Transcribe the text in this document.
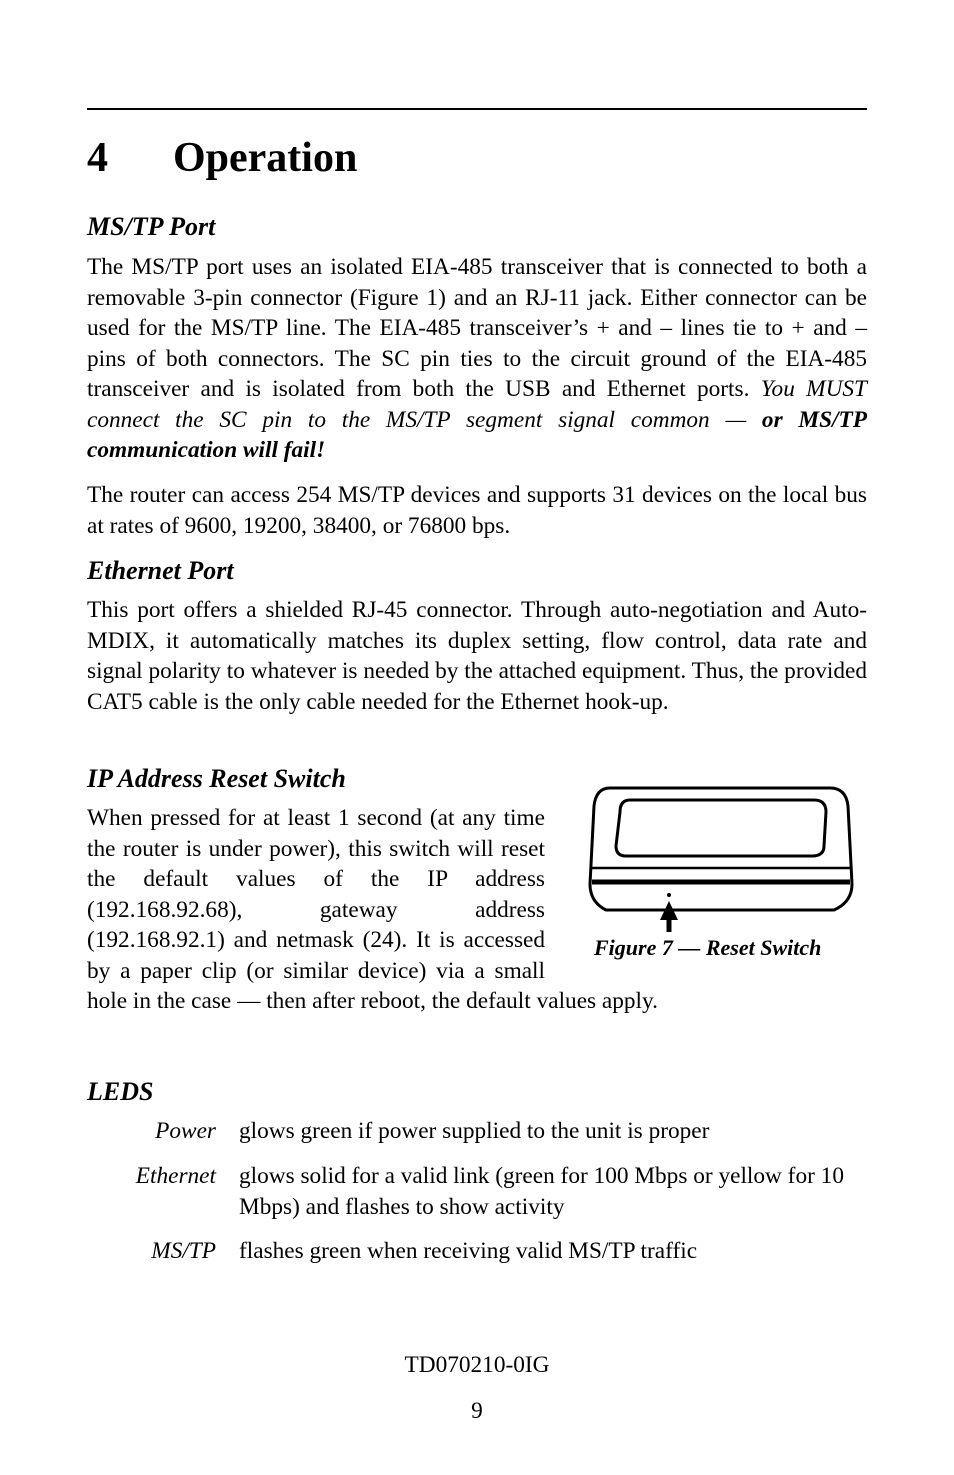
4 Operation
MS/TP Port

The MS/TP port uses an isolated EIA-485 transceiver that is connected to both a removable 3-pin connector (Figure 1) and an RJ-11 jack. Either connector can be used for the MS/TP line. The EIA-485 transceiver’s + and – lines tie to + and – pins of both connectors. The SC pin ties to the circuit ground of the EIA-485 transceiver and is isolated from both the USB and Ethernet ports. You MUST connect the SC pin to the MS/TP segment signal common — or MS/TP communication will fail!

The router can access 254 MS/TP devices and supports 31 devices on the local bus at rates of 9600, 19200, 38400, or 76800 bps.

Ethernet Port

This port offers a shielded RJ-45 connector. Through auto-negotiation and Auto-MDIX, it automatically matches its duplex setting, flow control, data rate and signal polarity to whatever is needed by the attached equipment. Thus, the provided CAT5 cable is the only cable needed for the Ethernet hook-up.

IP Address Reset Switch

Figure 7 — Reset Switch

When pressed for at least 1 second (at any time the router is under power), this switch will reset the default values of the IP address (192.168.92.68), gateway address (192.168.92.1) and netmask (24). It is accessed by a paper clip (or similar device) via a small hole in the case — then after reboot, the default values apply.

LEDS

Power glows green if power supplied to the unit is proper

Ethernet glows solid for a valid link (green for 100 Mbps or yellow for 10 Mbps) and flashes to show activity

MS/TP flashes green when receiving valid MS/TP traffic

TD070210-0IG

9
